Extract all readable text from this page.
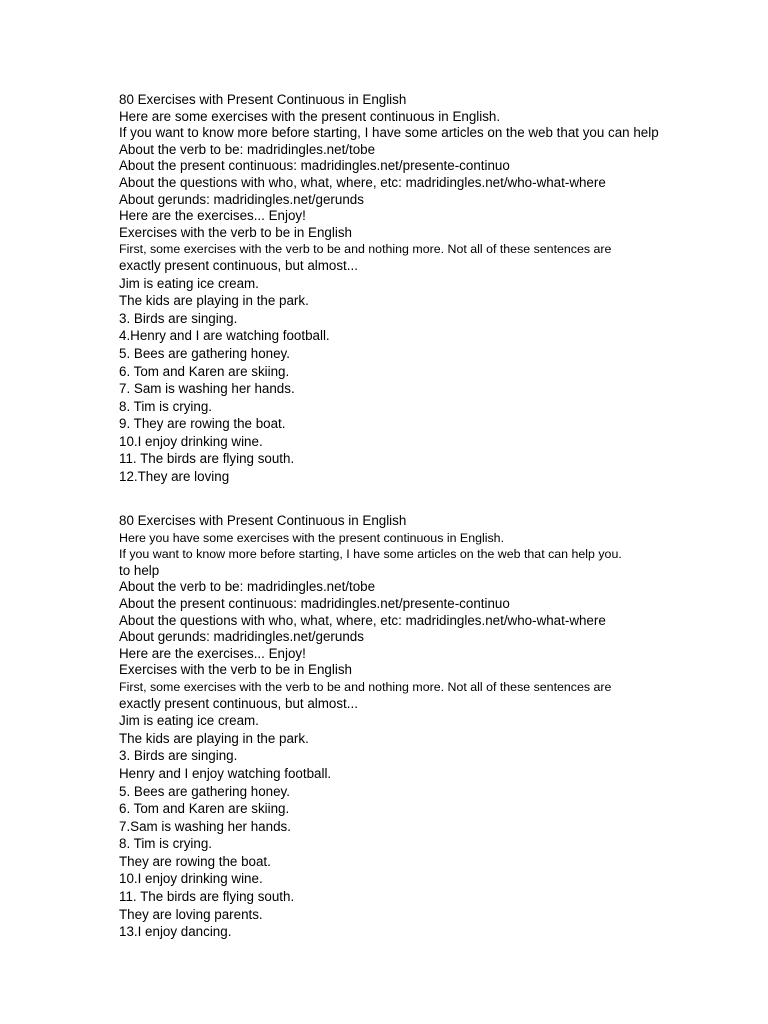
80 Exercises with Present Continuous in English
Here are some exercises with the present continuous in English.
If you want to know more before starting, I have some articles on the web that you can help
About the verb to be: madridingles.net/tobe
About the present continuous: madridingles.net/presente-continuo
About the questions with who, what, where, etc: madridingles.net/who-what-where
About gerunds: madridingles.net/gerunds
Here are the exercises... Enjoy!
Exercises with the verb to be in English
First, some exercises with the verb to be and nothing more. Not all of these sentences are
exactly present continuous, but almost...
Jim is eating ice cream.
The kids are playing in the park.
3. Birds are singing.
4.Henry and I are watching football.
5. Bees are gathering honey.
6. Tom and Karen are skiing.
7. Sam is washing her hands.
8. Tim is crying.
9. They are rowing the boat.
10.I enjoy drinking wine.
11. The birds are flying south.
12.They are loving
80 Exercises with Present Continuous in English
Here you have some exercises with the present continuous in English.
If you want to know more before starting, I have some articles on the web that can help you.
to help
About the verb to be: madridingles.net/tobe
About the present continuous: madridingles.net/presente-continuo
About the questions with who, what, where, etc: madridingles.net/who-what-where
About gerunds: madridingles.net/gerunds
Here are the exercises... Enjoy!
Exercises with the verb to be in English
First, some exercises with the verb to be and nothing more. Not all of these sentences are
exactly present continuous, but almost...
Jim is eating ice cream.
The kids are playing in the park.
3. Birds are singing.
Henry and I enjoy watching football.
5. Bees are gathering honey.
6. Tom and Karen are skiing.
7.Sam is washing her hands.
8. Tim is crying.
They are rowing the boat.
10.I enjoy drinking wine.
11. The birds are flying south.
They are loving parents.
13.I enjoy dancing.
